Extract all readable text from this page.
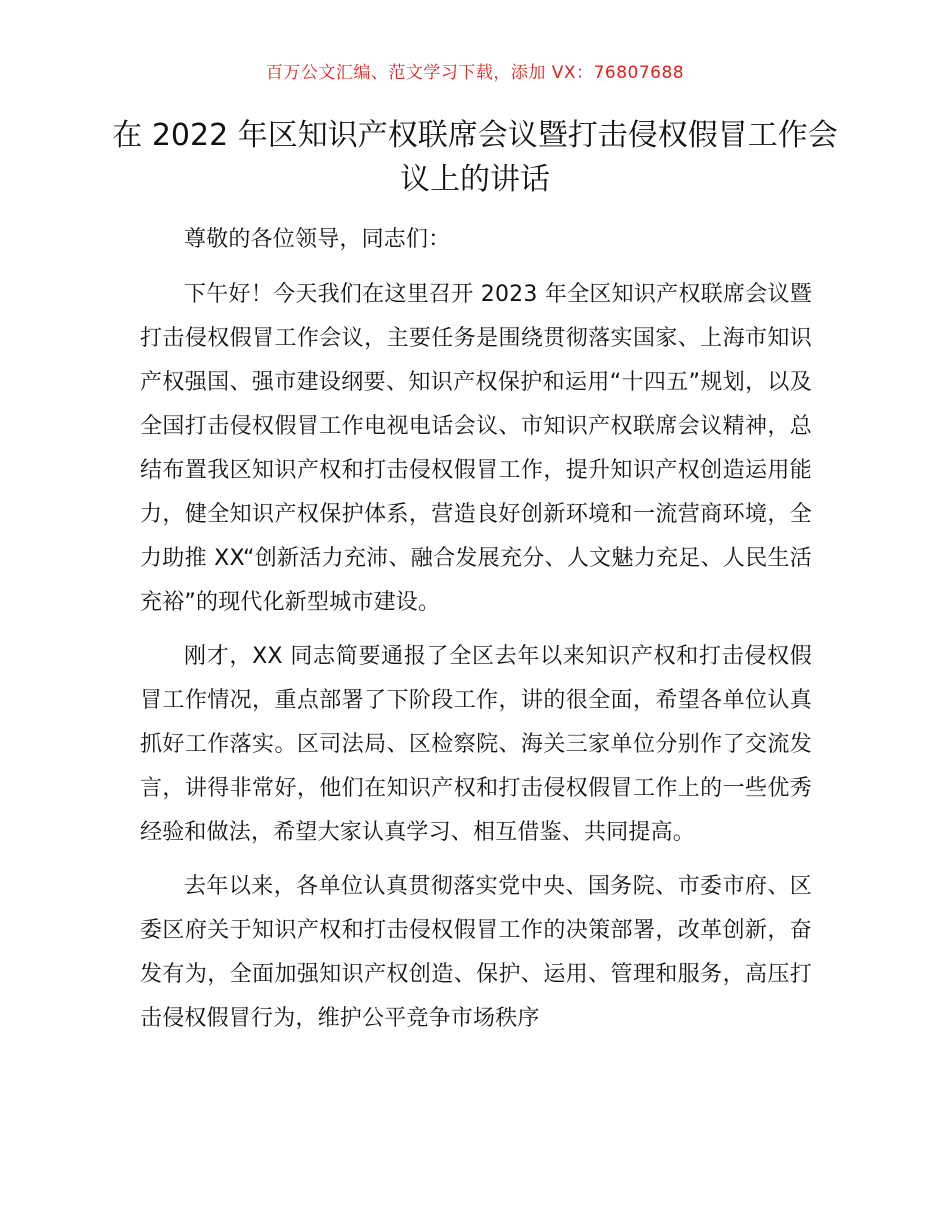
百万公文汇编、范文学习下载，添加 VX：76807688
在 2022 年区知识产权联席会议暨打击侵权假冒工作会议上的讲话

尊敬的各位领导，同志们：

下午好！今天我们在这里召开 2023 年全区知识产权联席会议暨打击侵权假冒工作会议，主要任务是围绕贯彻落实国家、上海市知识产权强国、强市建设纲要、知识产权保护和运用“十四五”规划，以及全国打击侵权假冒工作电视电话会议、市知识产权联席会议精神，总结布置我区知识产权和打击侵权假冒工作，提升知识产权创造运用能力，健全知识产权保护体系，营造良好创新环境和一流营商环境，全力助推 XX“创新活力充沛、融合发展充分、人文魅力充足、人民生活充裕”的现代化新型城市建设。

刚才，XX 同志简要通报了全区去年以来知识产权和打击侵权假冒工作情况，重点部署了下阶段工作，讲的很全面，希望各单位认真抓好工作落实。区司法局、区检察院、海关三家单位分别作了交流发言，讲得非常好，他们在知识产权和打击侵权假冒工作上的一些优秀经验和做法，希望大家认真学习、相互借鉴、共同提高。

去年以来，各单位认真贯彻落实党中央、国务院、市委市府、区委区府关于知识产权和打击侵权假冒工作的决策部署，改革创新，奋发有为，全面加强知识产权创造、保护、运用、管理和服务，高压打击侵权假冒行为，维护公平竞争市场秩序
